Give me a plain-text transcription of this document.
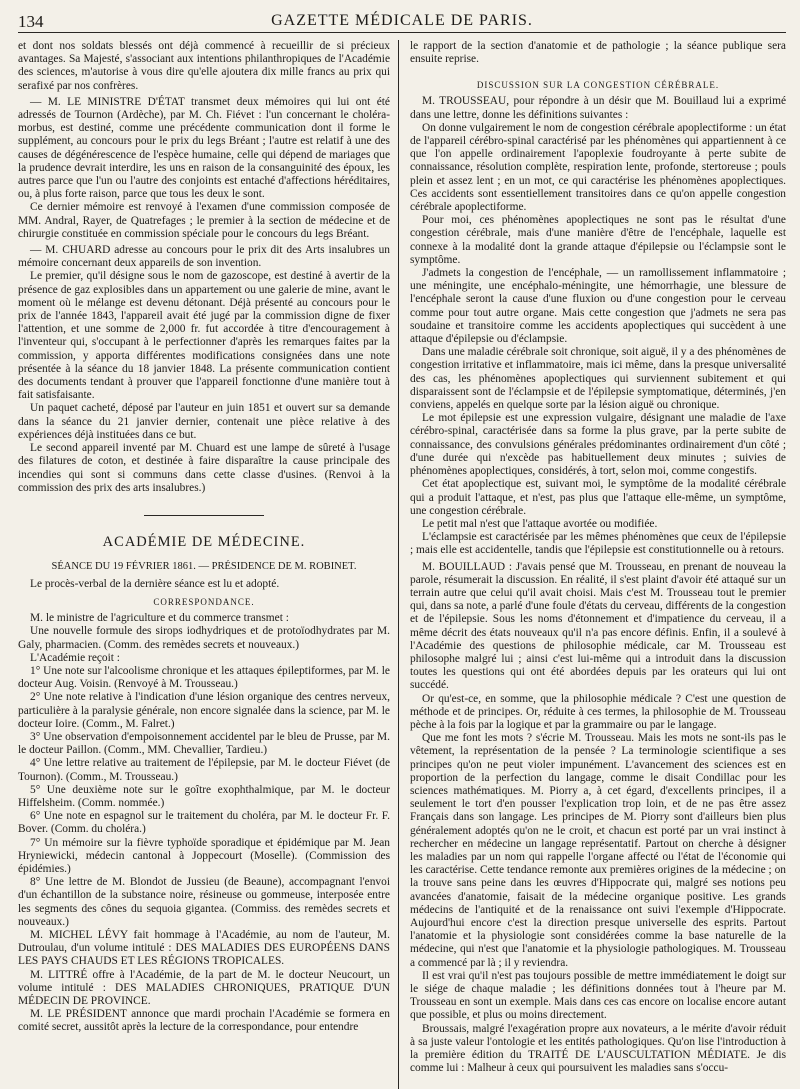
134	GAZETTE MÉDICALE DE PARIS.

et dont nos soldats blessés ont déjà commencé à recueillir de si précieux avantages. Sa Majesté, s'associant aux intentions philanthropiques de l'Académie des sciences, m'autorise à vous dire qu'elle ajoutera dix mille francs au prix qui serafixé par nos confrères.

— M. LE MINISTRE D'ÉTAT transmet deux mémoires qui lui ont été adressés de Tournon (Ardèche), par M. Ch. Fiévet : l'un concernant le choléra-morbus, est destiné, comme une précédente communication dont il forme le supplément, au concours pour le prix du legs Bréant ; l'autre est relatif à une des causes de dégénérescence de l'espèce humaine, celle qui dépend de mariages que la prudence devrait interdire, les uns en raison de la consanguinité des époux, les autres parce que l'un ou l'autre des conjoints est entaché d'affections héréditaires, ou, à plus forte raison, parce que tous les deux le sont.

Ce dernier mémoire est renvoyé à l'examen d'une commission composée de MM. Andral, Rayer, de Quatrefages ; le premier à la section de médecine et de chirurgie constituée en commission spéciale pour le concours du legs Bréant.

— M. CHUARD adresse au concours pour le prix dit des Arts insalubres un mémoire concernant deux appareils de son invention.

Le premier, qu'il désigne sous le nom de gazoscope, est destiné à avertir de la présence de gaz explosibles dans un appartement ou une galerie de mine, avant le moment où le mélange est devenu détonant. Déjà présenté au concours pour le prix de l'année 1843, l'appareil avait été jugé par la commission digne de fixer l'attention, et une somme de 2,000 fr. fut accordée à titre d'encouragement à l'inventeur qui, s'occupant à le perfectionner d'après les remarques faites par la commission, y apporta différentes modifications consignées dans une note présentée à la séance du 18 janvier 1848. La présente communication contient des documents tendant à prouver que l'appareil fonctionne d'une manière tout à fait satisfaisante.

Un paquet cacheté, déposé par l'auteur en juin 1851 et ouvert sur sa demande dans la séance du 21 janvier dernier, contenait une pièce relative à des expériences déjà instituées dans ce but.

Le second appareil inventé par M. Chuard est une lampe de sûreté à l'usage des filatures de coton, et destinée à faire disparaître la cause principale des incendies qui sont si communs dans cette classe d'usines. (Renvoi à la commission des prix des arts insalubres.)

ACADÉMIE DE MÉDECINE.
SÉANCE DU 19 FÉVRIER 1861. — PRÉSIDENCE DE M. ROBINET.

Le procès-verbal de la dernière séance est lu et adopté.

CORRESPONDANCE.

M. le ministre de l'agriculture et du commerce transmet :

Une nouvelle formule des sirops iodhydriques et de protoïodhydrates par M. Galy, pharmacien. (Comm. des remèdes secrets et nouveaux.)

L'Académie reçoit :

1° Une note sur l'alcoolisme chronique et les attaques épileptiformes, par M. le docteur Aug. Voisin. (Renvoyé à M. Trousseau.)

2° Une note relative à l'indication d'une lésion organique des centres nerveux, particulière à la paralysie générale, non encore signalée dans la science, par M. le docteur Ioire. (Comm., M. Falret.)

3° Une observation d'empoisonnement accidentel par le bleu de Prusse, par M. le docteur Paillon. (Comm., MM. Chevallier, Tardieu.)

4° Une lettre relative au traitement de l'épilepsie, par M. le docteur Fiévet (de Tournon). (Comm., M. Trousseau.)

5° Une deuxième note sur le goître exophthalmique, par M. le docteur Hiffelsheim. (Comm. nommée.)

6° Une note en espagnol sur le traitement du choléra, par M. le docteur Fr. F. Bover. (Comm. du choléra.)

7° Un mémoire sur la fièvre typhoïde sporadique et épidémique par M. Jean Hryniewicki, médecin cantonal à Joppecourt (Moselle). (Commission des épidémies.)

8° Une lettre de M. Blondot de Jussieu (de Beaune), accompagnant l'envoi d'un échantillon de la substance noire, résineuse ou gommeuse, interposée entre les segments des cônes du sequoia gigantea. (Commiss. des remèdes secrets et nouveaux.)

M. MICHEL LÉVY fait hommage à l'Académie, au nom de l'auteur, M. Dutroulau, d'un volume intitulé : DES MALADIES DES EUROPÉENS DANS LES PAYS CHAUDS ET LES RÉGIONS TROPICALES.

M. LITTRÉ offre à l'Académie, de la part de M. le docteur Neucourt, un volume intitulé : DES MALADIES CHRONIQUES, PRATIQUE D'UN MÉDECIN DE PROVINCE.

M. LE PRÉSIDENT annonce que mardi prochain l'Académie se formera en comité secret, aussitôt après la lecture de la correspondance, pour entendre

le rapport de la section d'anatomie et de pathologie ; la séance publique sera ensuite reprise.

DISCUSSION SUR LA CONGESTION CÉRÉBRALE.

M. TROUSSEAU, pour répondre à un désir que M. Bouillaud lui a exprimé dans une lettre, donne les définitions suivantes :

On donne vulgairement le nom de congestion cérébrale apoplectiforme : un état de l'appareil cérébro-spinal caractérisé par les phénomènes qui appartiennent à ce que l'on appelle ordinairement l'apoplexie foudroyante à perte subite de connaissance, résolution complète, respiration lente, profonde, stertoreuse ; pouls plein et assez lent ; en un mot, ce qui caractérise les phénomènes apoplectiques. Ces accidents sont essentiellement transitoires dans ce qu'on appelle congestion cérébrale apoplectiforme.

Pour moi, ces phénomènes apoplectiques ne sont pas le résultat d'une congestion cérébrale, mais d'une manière d'être de l'encéphale, laquelle est connexe à la modalité dont la grande attaque d'épilepsie ou l'éclampsie sont le symptôme.

J'admets la congestion de l'encéphale, — un ramollissement inflammatoire ; une méningite, une encéphalo-méningite, une hémorrhagie, une blessure de l'encéphale seront la cause d'une fluxion ou d'une congestion pour le cerveau comme pour tout autre organe. Mais cette congestion que j'admets ne sera pas soudaine et transitoire comme les accidents apoplectiques qui succèdent à une attaque d'épilepsie ou d'éclampsie.

Dans une maladie cérébrale soit chronique, soit aiguë, il y a des phénomènes de congestion irritative et inflammatoire, mais ici même, dans la presque universalité des cas, les phénomènes apoplectiques qui surviennent subitement et qui disparaissent sont de l'éclampsie et de l'épilepsie symptomatique, déterminés, j'en conviens, appelés en quelque sorte par la lésion aiguë ou chronique.

Le mot épilepsie est une expression vulgaire, désignant une maladie de l'axe cérébro-spinal, caractérisée dans sa forme la plus grave, par la perte subite de connaissance, des convulsions générales prédominantes ordinairement d'un côté ; d'une durée qui n'excède pas habituellement deux minutes ; suivies de phénomènes apoplectiques, considérés, à tort, selon moi, comme congestifs.

Cet état apoplectique est, suivant moi, le symptôme de la modalité cérébrale qui a produit l'attaque, et n'est, pas plus que l'attaque elle-même, un symptôme, une congestion cérébrale.

Le petit mal n'est que l'attaque avortée ou modifiée.

L'éclampsie est caractérisée par les mêmes phénomènes que ceux de l'épilepsie ; mais elle est accidentelle, tandis que l'épilepsie est constitutionnelle ou à retours.

M. BOUILLAUD : J'avais pensé que M. Trousseau, en prenant de nouveau la parole, résumerait la discussion. En réalité, il s'est plaint d'avoir été attaqué sur un terrain autre que celui qu'il avait choisi. Mais c'est M. Trousseau tout le premier qui, dans sa note, a parlé d'une foule d'états du cerveau, différents de la congestion et de l'épilepsie. Sous les noms d'étonnement et d'impatience du cerveau, il a même décrit des états nouveaux qu'il n'a pas encore définis. Enfin, il a soulevé à l'Académie des questions de philosophie médicale, car M. Trousseau est philosophe malgré lui ; ainsi c'est lui-même qui a introduit dans la discussion toutes les questions qui ont été abordées depuis par les orateurs qui lui ont succédé.

Or qu'est-ce, en somme, que la philosophie médicale ? C'est une question de méthode et de principes. Or, réduite à ces termes, la philosophie de M. Trousseau pèche à la fois par la logique et par la grammaire ou par le langage.

Que me font les mots ? s'écrie M. Trousseau. Mais les mots ne sont-ils pas le vêtement, la représentation de la pensée ? La terminologie scientifique a ses principes qu'on ne peut violer impunément. L'avancement des sciences est en proportion de la perfection du langage, comme le disait Condillac pour les sciences mathématiques. M. Piorry a, à cet égard, d'excellents principes, il a seulement le tort d'en pousser l'explication trop loin, et de ne pas être assez Français dans son langage. Les principes de M. Piorry sont d'ailleurs bien plus généralement adoptés qu'on ne le croit, et chacun est porté par un vrai instinct à rechercher en médecine un langage représentatif. Partout on cherche à désigner les maladies par un nom qui rappelle l'organe affecté ou l'état de l'économie qui les caractérise. Cette tendance remonte aux premières origines de la médecine ; on la trouve sans peine dans les œuvres d'Hippocrate qui, malgré ses notions peu avancées d'anatomie, faisait de la médecine organique positive. Les grands médecins de l'antiquité et de la renaissance ont suivi l'exemple d'Hippocrate. Aujourd'hui encore c'est la direction presque universelle des esprits. Partout l'anatomie et la physiologie sont considérées comme la base naturelle de la médecine, qui n'est que l'anatomie et la physiologie pathologiques. M. Trousseau a commencé par là ; il y reviendra.

Il est vrai qu'il n'est pas toujours possible de mettre immédiatement le doigt sur le siége de chaque maladie ; les définitions données tout à l'heure par M. Trousseau en sont un exemple. Mais dans ces cas encore on localise encore autant que possible, et plus ou moins directement.

Broussais, malgré l'exagération propre aux novateurs, a le mérite d'avoir réduit à sa juste valeur l'ontologie et les entités pathologiques. Qu'on lise l'introduction à la première édition du TRAITÉ DE L'AUSCULTATION MÉDIATE. Je dis comme lui : Malheur à ceux qui poursuivent les maladies sans s'occu-
